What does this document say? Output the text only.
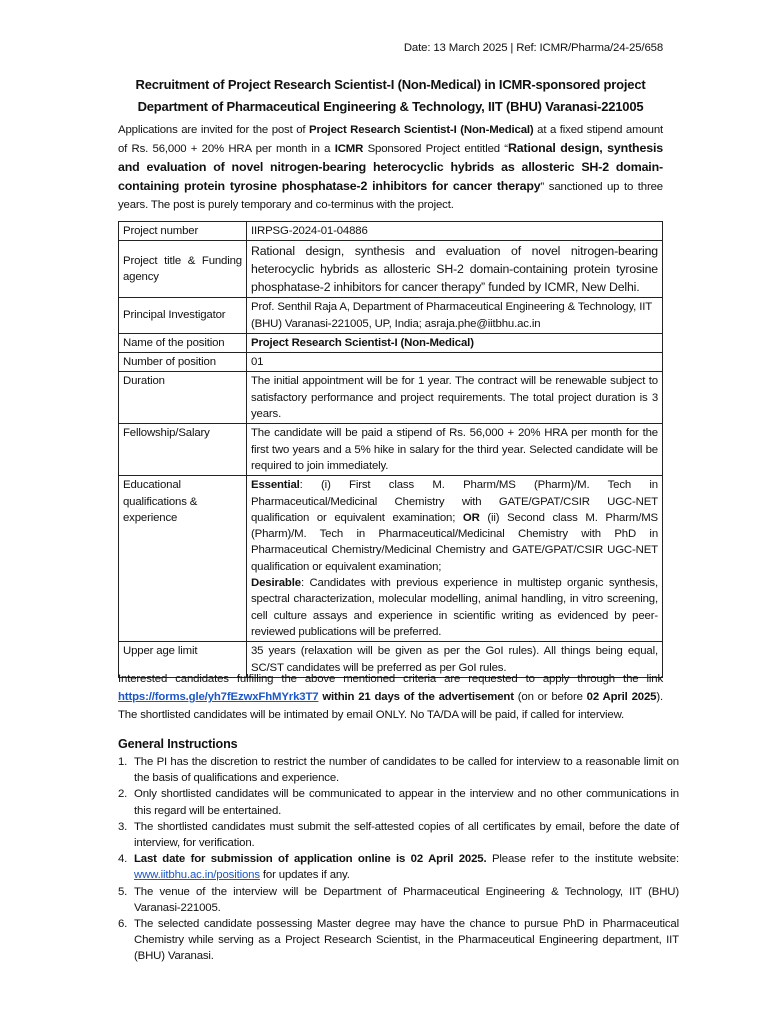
Date: 13 March 2025 | Ref: ICMR/Pharma/24-25/658
Recruitment of Project Research Scientist-I (Non-Medical) in ICMR-sponsored project
Department of Pharmaceutical Engineering & Technology, IIT (BHU) Varanasi-221005
Applications are invited for the post of Project Research Scientist-I (Non-Medical) at a fixed stipend amount of Rs. 56,000 + 20% HRA per month in a ICMR Sponsored Project entitled “Rational design, synthesis and evaluation of novel nitrogen-bearing heterocyclic hybrids as allosteric SH-2 domain-containing protein tyrosine phosphatase-2 inhibitors for cancer therapy” sanctioned up to three years. The post is purely temporary and co-terminus with the project.
Project number	IIRPSG-2024-01-04886
Project title & Funding agency	Rational design, synthesis and evaluation of novel nitrogen-bearing heterocyclic hybrids as allosteric SH-2 domain-containing protein tyrosine phosphatase-2 inhibitors for cancer therapy” funded by ICMR, New Delhi.
Principal Investigator	Prof. Senthil Raja A, Department of Pharmaceutical Engineering & Technology, IIT (BHU) Varanasi-221005, UP, India; asraja.phe@iitbhu.ac.in
Name of the position	Project Research Scientist-I (Non-Medical)
Number of position	01
Duration	The initial appointment will be for 1 year. The contract will be renewable subject to satisfactory performance and project requirements. The total project duration is 3 years.
Fellowship/Salary	The candidate will be paid a stipend of Rs. 56,000 + 20% HRA per month for the first two years and a 5% hike in salary for the third year. Selected candidate will be required to join immediately.
Educational qualifications & experience	Essential: (i) First class M. Pharm/MS (Pharm)/M. Tech in Pharmaceutical/Medicinal Chemistry with GATE/GPAT/CSIR UGC-NET qualification or equivalent examination; OR (ii) Second class M. Pharm/MS (Pharm)/M. Tech in Pharmaceutical/Medicinal Chemistry with PhD in Pharmaceutical Chemistry/Medicinal Chemistry and GATE/GPAT/CSIR UGC-NET qualification or equivalent examination;
Desirable: Candidates with previous experience in multistep organic synthesis, spectral characterization, molecular modelling, animal handling, in vitro screening, cell culture assays and experience in scientific writing as evidenced by peer-reviewed publications will be preferred.
Upper age limit	35 years (relaxation will be given as per the GoI rules). All things being equal, SC/ST candidates will be preferred as per GoI rules.
Interested candidates fulfilling the above mentioned criteria are requested to apply through the link https://forms.gle/yh7fEzwxFhMYrk3T7 within 21 days of the advertisement (on or before 02 April 2025). The shortlisted candidates will be intimated by email ONLY. No TA/DA will be paid, if called for interview.
General Instructions
1. The PI has the discretion to restrict the number of candidates to be called for interview to a reasonable limit on the basis of qualifications and experience.
2. Only shortlisted candidates will be communicated to appear in the interview and no other communications in this regard will be entertained.
3. The shortlisted candidates must submit the self-attested copies of all certificates by email, before the date of interview, for verification.
4. Last date for submission of application online is 02 April 2025. Please refer to the institute website: www.iitbhu.ac.in/positions for updates if any.
5. The venue of the interview will be Department of Pharmaceutical Engineering & Technology, IIT (BHU) Varanasi-221005.
6. The selected candidate possessing Master degree may have the chance to pursue PhD in Pharmaceutical Chemistry while serving as a Project Research Scientist, in the Pharmaceutical Engineering department, IIT (BHU) Varanasi.
